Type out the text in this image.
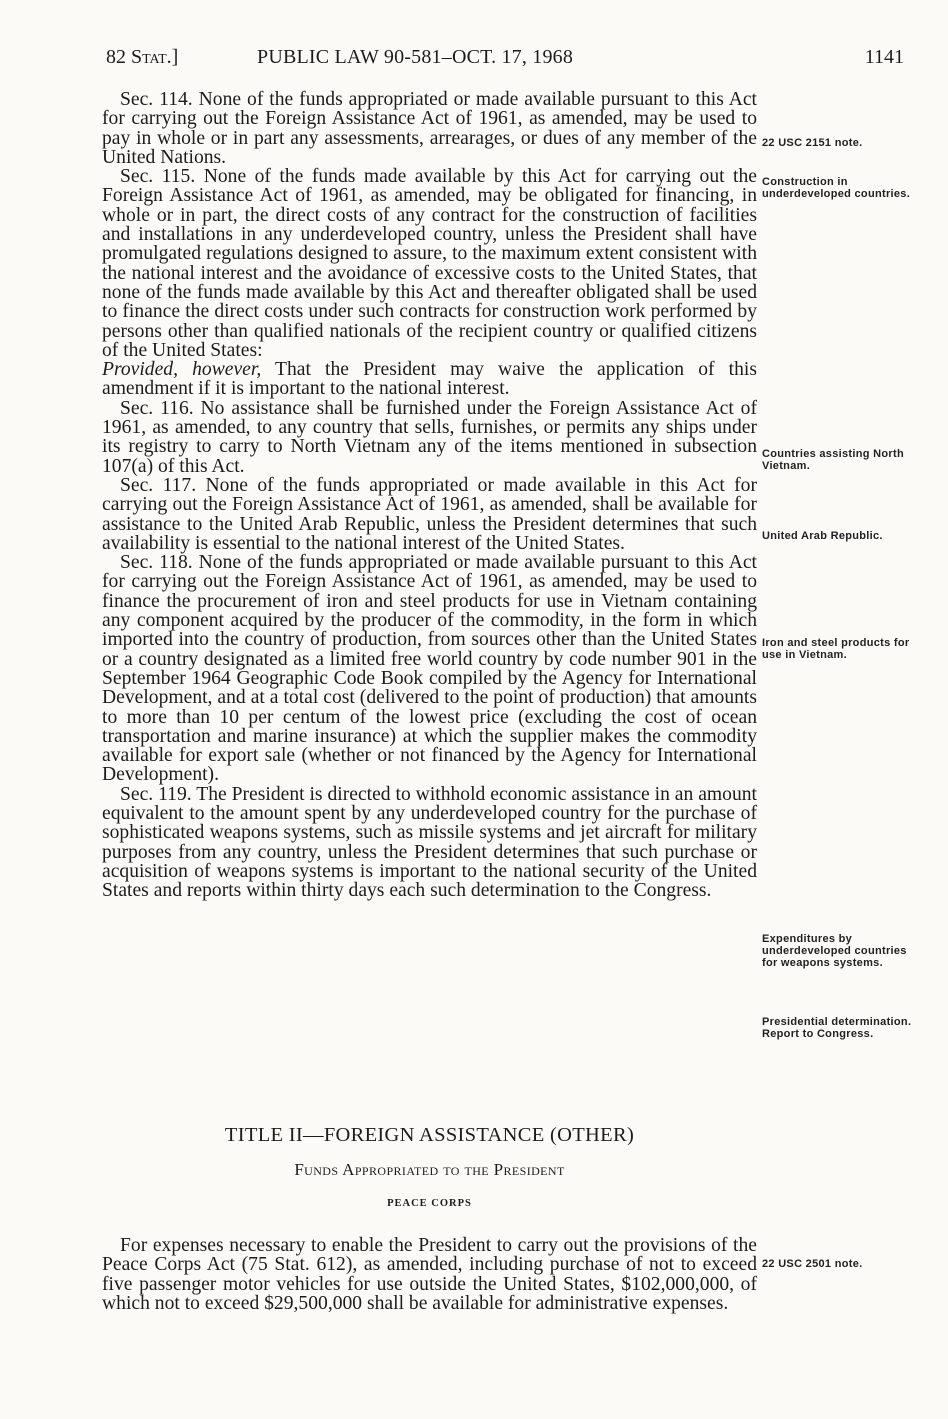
82 Stat.]	PUBLIC LAW 90-581–OCT. 17, 1968	1141

Sec. 114. None of the funds appropriated or made available pursuant to this Act for carrying out the Foreign Assistance Act of 1961, as amended, may be used to pay in whole or in part any assessments, arrearages, or dues of any member of the United Nations.

Sec. 115. None of the funds made available by this Act for carrying out the Foreign Assistance Act of 1961, as amended, may be obligated for financing, in whole or in part, the direct costs of any contract for the construction of facilities and installations in any underdeveloped country, unless the President shall have promulgated regulations designed to assure, to the maximum extent consistent with the national interest and the avoidance of excessive costs to the United States, that none of the funds made available by this Act and thereafter obligated shall be used to finance the direct costs under such contracts for construction work performed by persons other than qualified nationals of the recipient country or qualified citizens of the United States:
Provided, however, That the President may waive the application of this amendment if it is important to the national interest.

Sec. 116. No assistance shall be furnished under the Foreign Assistance Act of 1961, as amended, to any country that sells, furnishes, or permits any ships under its registry to carry to North Vietnam any of the items mentioned in subsection 107(a) of this Act.

Sec. 117. None of the funds appropriated or made available in this Act for carrying out the Foreign Assistance Act of 1961, as amended, shall be available for assistance to the United Arab Republic, unless the President determines that such availability is essential to the national interest of the United States.

Sec. 118. None of the funds appropriated or made available pursuant to this Act for carrying out the Foreign Assistance Act of 1961, as amended, may be used to finance the procurement of iron and steel products for use in Vietnam containing any component acquired by the producer of the commodity, in the form in which imported into the country of production, from sources other than the United States or a country designated as a limited free world country by code number 901 in the September 1964 Geographic Code Book compiled by the Agency for International Development, and at a total cost (delivered to the point of production) that amounts to more than 10 per centum of the lowest price (excluding the cost of ocean transportation and marine insurance) at which the supplier makes the commodity available for export sale (whether or not financed by the Agency for International Development).

Sec. 119. The President is directed to withhold economic assistance in an amount equivalent to the amount spent by any underdeveloped country for the purchase of sophisticated weapons systems, such as missile systems and jet aircraft for military purposes from any country, unless the President determines that such purchase or acquisition of weapons systems is important to the national security of the United States and reports within thirty days each such determination to the Congress.

22 USC 2151 note.
Construction in underdeveloped countries.
Countries assisting North Vietnam.
United Arab Republic.
Iron and steel products for use in Vietnam.
Expenditures by underdeveloped countries for weapons systems.
Presidential determination. Report to Congress.
TITLE II—FOREIGN ASSISTANCE (OTHER)
Funds Appropriated to the President
PEACE CORPS

For expenses necessary to enable the President to carry out the provisions of the Peace Corps Act (75 Stat. 612), as amended, including purchase of not to exceed five passenger motor vehicles for use outside the United States, $102,000,000, of which not to exceed $29,500,000 shall be available for administrative expenses.

22 USC 2501 note.
